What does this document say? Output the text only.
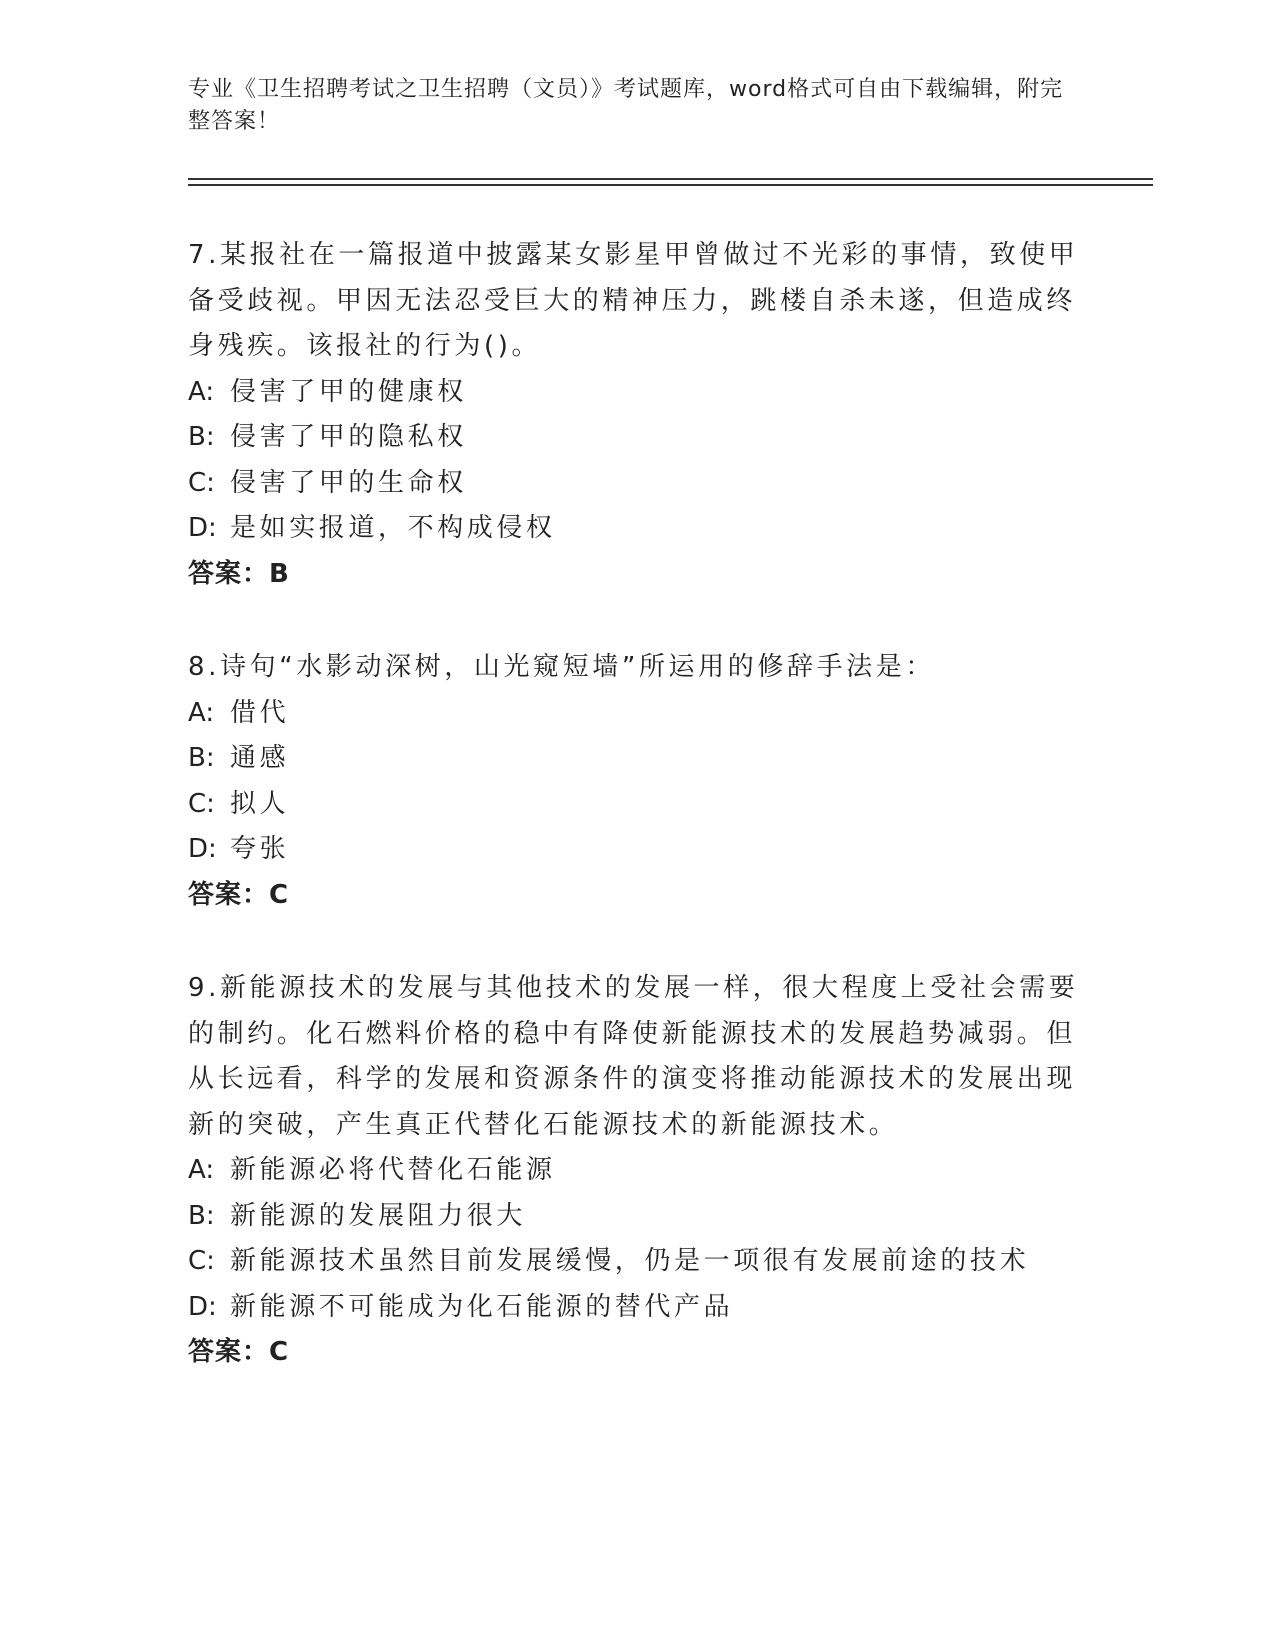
专业《卫生招聘考试之卫生招聘（文员）》考试题库，word格式可自由下载编辑，附完整答案！

7.某报社在一篇报道中披露某女影星甲曾做过不光彩的事情，致使甲备受歧视。甲因无法忍受巨大的精神压力，跳楼自杀未遂，但造成终身残疾。该报社的行为()。

A: 侵害了甲的健康权
B: 侵害了甲的隐私权
C: 侵害了甲的生命权
D: 是如实报道，不构成侵权
答案：B

8.诗句“水影动深树，山光窥短墙”所运用的修辞手法是：

A: 借代
B: 通感
C: 拟人
D: 夸张
答案：C

9.新能源技术的发展与其他技术的发展一样，很大程度上受社会需要的制约。化石燃料价格的稳中有降使新能源技术的发展趋势减弱。但从长远看，科学的发展和资源条件的演变将推动能源技术的发展出现新的突破，产生真正代替化石能源技术的新能源技术。

A: 新能源必将代替化石能源
B: 新能源的发展阻力很大
C: 新能源技术虽然目前发展缓慢，仍是一项很有发展前途的技术
D: 新能源不可能成为化石能源的替代产品
答案：C
